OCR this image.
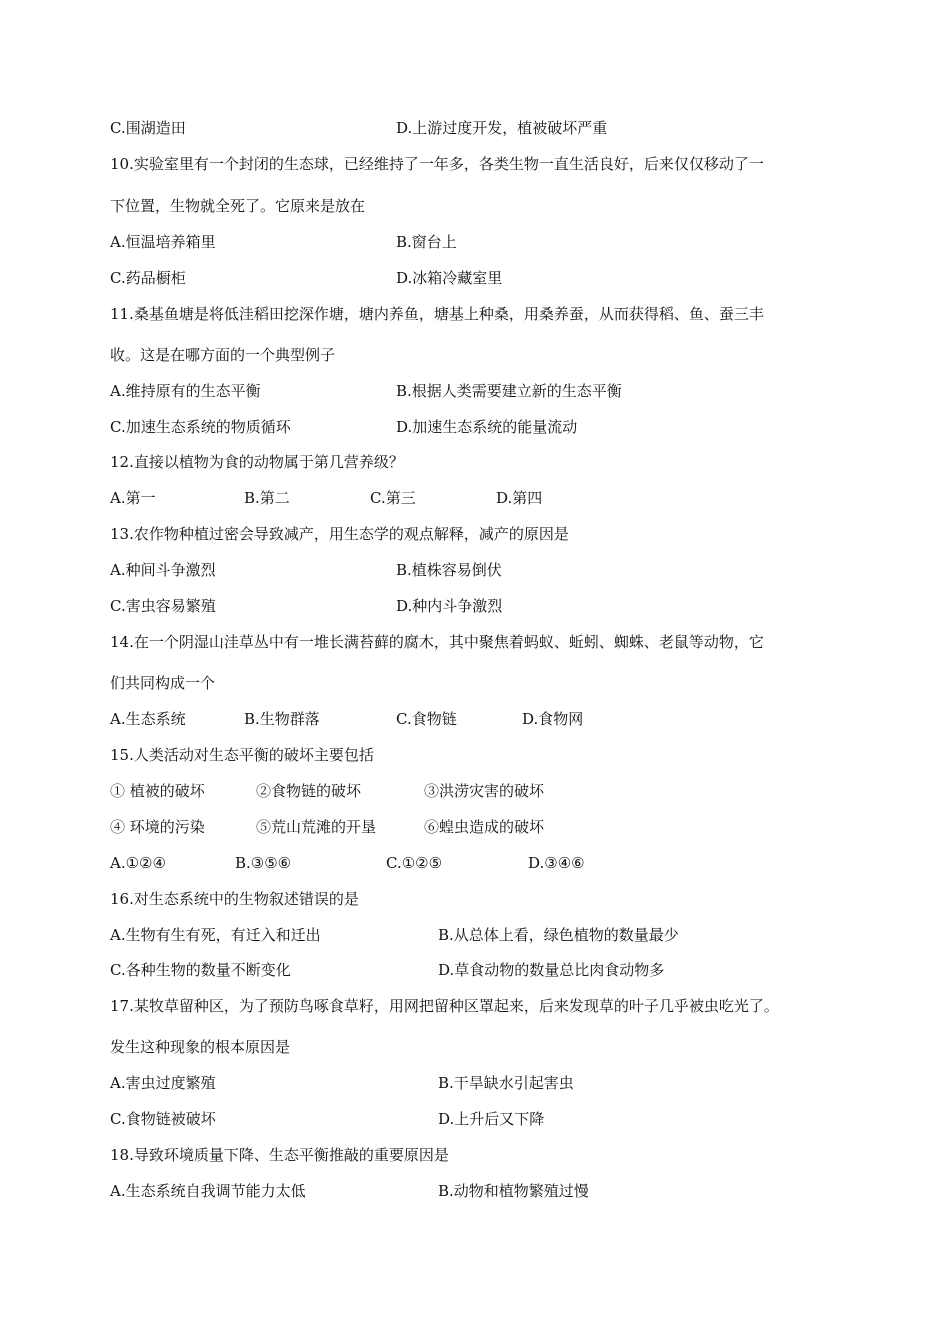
C.围湖造田	D.上游过度开发，植被破坏严重
10.实验室里有一个封闭的生态球，已经维持了一年多，各类生物一直生活良好，后来仅仅移动了一
下位置，生物就全死了。它原来是放在
A.恒温培养箱里	B.窗台上
C.药品橱柜	D.冰箱冷藏室里
11.桑基鱼塘是将低洼稻田挖深作塘，塘内养鱼，塘基上种桑，用桑养蚕，从而获得稻、鱼、蚕三丰
收。这是在哪方面的一个典型例子
A.维持原有的生态平衡	B.根据人类需要建立新的生态平衡
C.加速生态系统的物质循环	D.加速生态系统的能量流动
12.直接以植物为食的动物属于第几营养级？
A.第一	B.第二	C.第三	D.第四
13.农作物种植过密会导致减产，用生态学的观点解释，减产的原因是
A.种间斗争激烈	B.植株容易倒伏
C.害虫容易繁殖	D.种内斗争激烈
14.在一个阴湿山洼草丛中有一堆长满苔藓的腐木，其中聚焦着蚂蚁、蚯蚓、蜘蛛、老鼠等动物，它
们共同构成一个
A.生态系统	B.生物群落	C.食物链	D.食物网
15.人类活动对生态平衡的破坏主要包括
① 植被的破坏	②食物链的破坏	③洪涝灾害的破坏
④ 环境的污染	⑤荒山荒滩的开垦	⑥蝗虫造成的破坏
A.①②④	B.③⑤⑥	C.①②⑤	D.③④⑥
16.对生态系统中的生物叙述错误的是
A.生物有生有死，有迁入和迁出	B.从总体上看，绿色植物的数量最少
C.各种生物的数量不断变化	D.草食动物的数量总比肉食动物多
17.某牧草留种区，为了预防鸟啄食草籽，用网把留种区罩起来，后来发现草的叶子几乎被虫吃光了。
发生这种现象的根本原因是
A.害虫过度繁殖	B.干旱缺水引起害虫
C.食物链被破坏	D.上升后又下降
18.导致环境质量下降、生态平衡推敲的重要原因是
A.生态系统自我调节能力太低	B.动物和植物繁殖过慢
